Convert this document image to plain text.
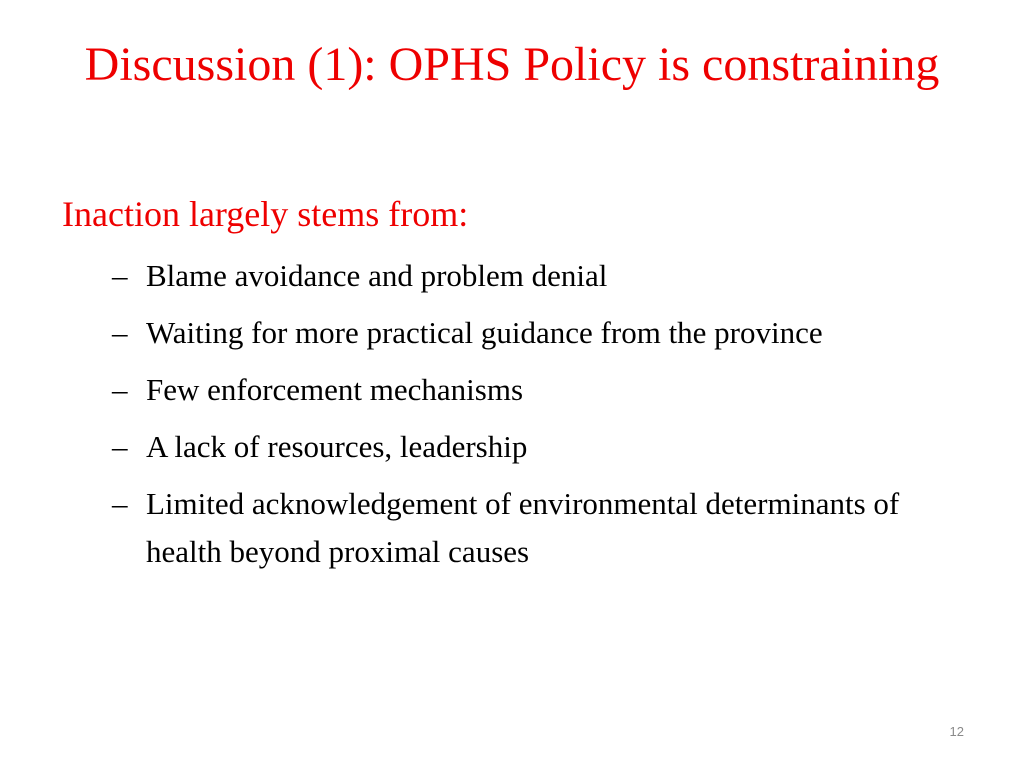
Discussion (1): OPHS Policy is constraining
Inaction largely stems from:
– Blame avoidance and problem denial
– Waiting for more practical guidance from the province
– Few enforcement mechanisms
– A lack of resources, leadership
– Limited acknowledgement of environmental determinants of health beyond proximal causes
12
